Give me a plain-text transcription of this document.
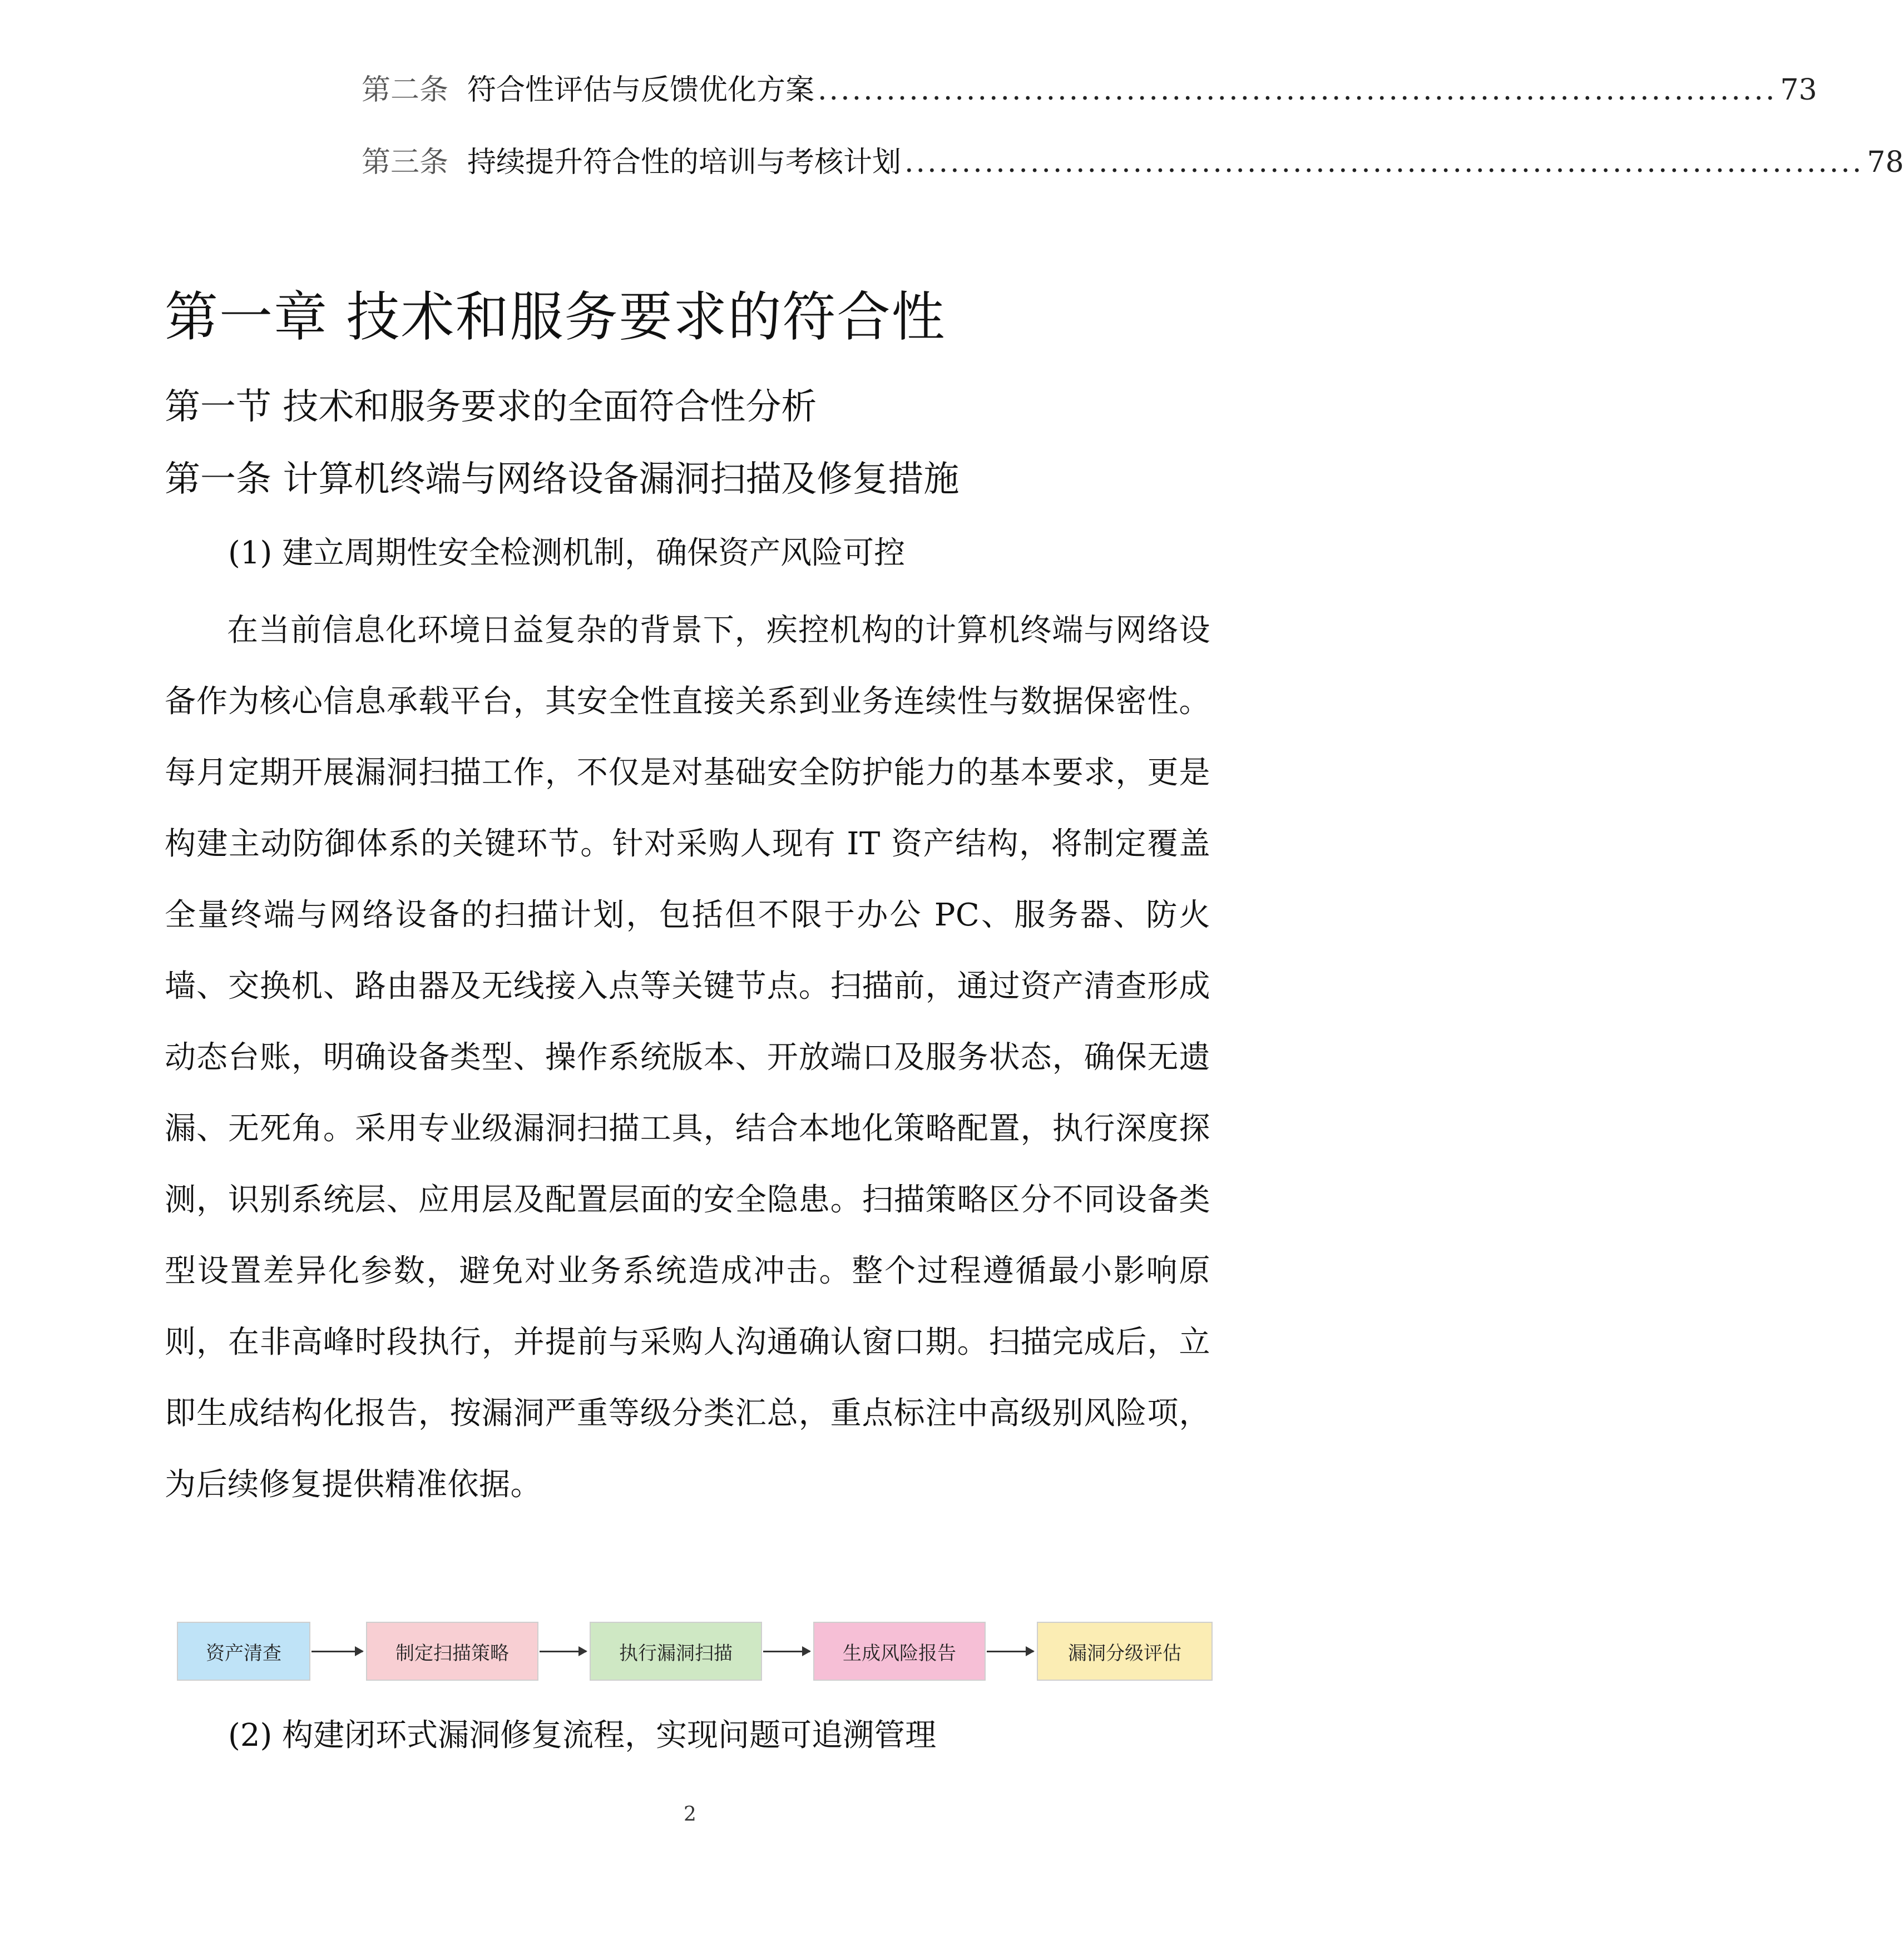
第二条 符合性评估与反馈优化方案 .................................................................................... 73
第三条 持续提升符合性的培训与考核计划 .................................................................................... 78
第一章 技术和服务要求的符合性
第一节 技术和服务要求的全面符合性分析
第一条 计算机终端与网络设备漏洞扫描及修复措施

(1) 建立周期性安全检测机制，确保资产风险可控

在当前信息化环境日益复杂的背景下，疾控机构的计算机终端与网络设备作为核心信息承载平台，其安全性直接关系到业务连续性与数据保密性。每月定期开展漏洞扫描工作，不仅是对基础安全防护能力的基本要求，更是构建主动防御体系的关键环节。针对采购人现有 IT 资产结构，将制定覆盖全量终端与网络设备的扫描计划，包括但不限于办公 PC、服务器、防火墙、交换机、路由器及无线接入点等关键节点。扫描前，通过资产清查形成动态台账，明确设备类型、操作系统版本、开放端口及服务状态，确保无遗漏、无死角。采用专业级漏洞扫描工具，结合本地化策略配置，执行深度探测，识别系统层、应用层及配置层面的安全隐患。扫描策略区分不同设备类型设置差异化参数，避免对业务系统造成冲击。整个过程遵循最小影响原则，在非高峰时段执行，并提前与采购人沟通确认窗口期。扫描完成后，立即生成结构化报告，按漏洞严重等级分类汇总，重点标注中高级别风险项，为后续修复提供精准依据。

资产清查	制定扫描策略	执行漏洞扫描	生成风险报告	漏洞分级评估

(2) 构建闭环式漏洞修复流程，实现问题可追溯管理

2
